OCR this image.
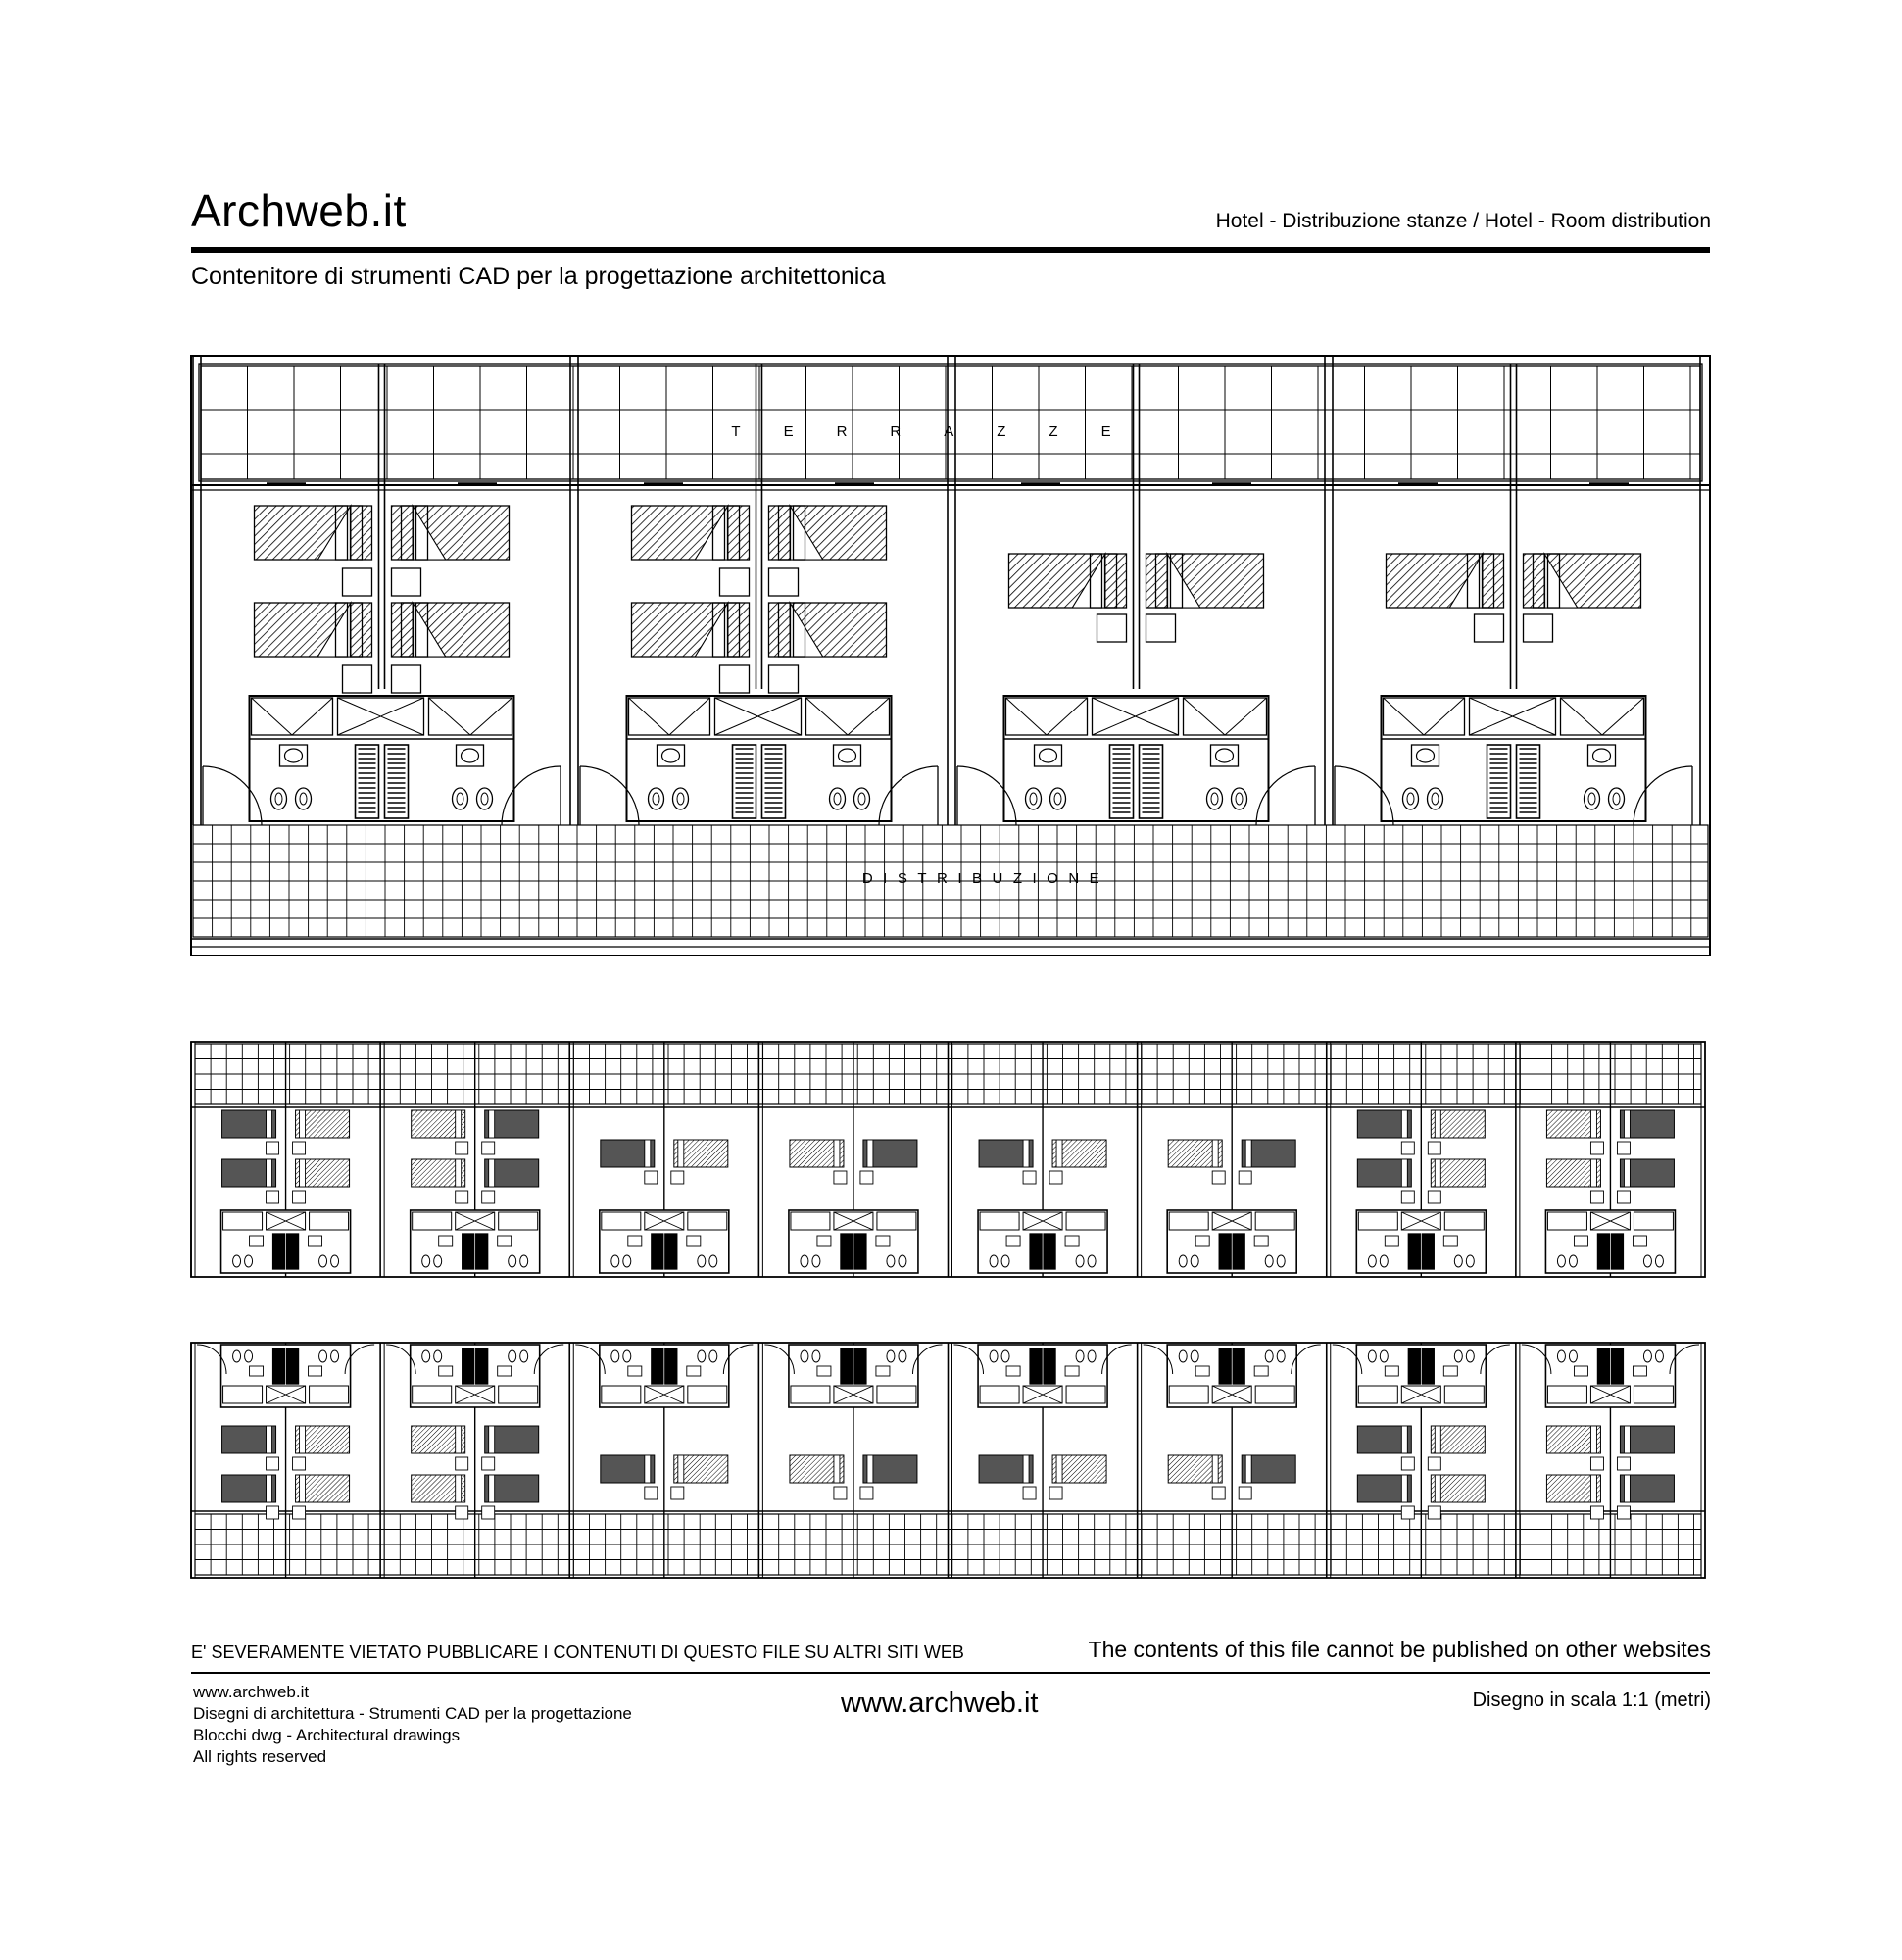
Archweb.it	Hotel - Distribuzione stanze / Hotel - Room distribution
Contenitore di strumenti CAD per la progettazione architettonica
TERRAZZE
DISTRIBUZIONE
E' SEVERAMENTE VIETATO PUBBLICARE I CONTENUTI DI QUESTO FILE SU ALTRI SITI WEB	The contents of this file cannot be published on other websites
www.archweb.it
Disegni di architettura - Strumenti CAD per la progettazione
Blocchi dwg - Architectural drawings
All rights reserved
www.archweb.it	Disegno in scala 1:1 (metri)
